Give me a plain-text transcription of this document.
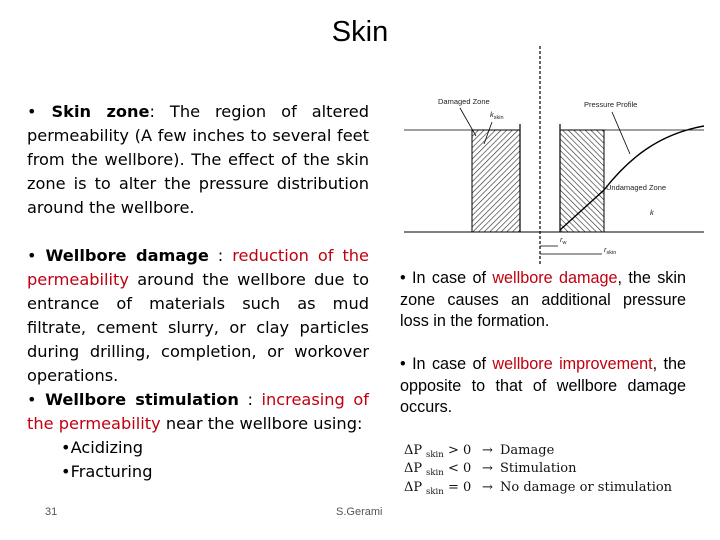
Skin
• Skin zone: The region of altered permeability (A few inches to several feet from the wellbore). The effect of the skin zone is to alter the pressure distribution around the wellbore.
• Wellbore damage : reduction of the permeability around the wellbore due to entrance of materials such as mud filtrate, cement slurry, or clay particles during drilling, completion, or workover operations.
• Wellbore stimulation : increasing of the permeability near the wellbore using:
•Acidizing
•Fracturing
Damaged Zone	Pressure Profile
$k_{skin}$
Undamaged Zone
k
$r_w$
$r_{skin}$
• In case of wellbore damage, the skin zone causes an additional pressure loss in the formation.
• In case of wellbore improvement, the opposite to that of wellbore damage occurs.
ΔP skin > 0 → Damage
ΔP skin < 0 → Stimulation
ΔP skin = 0 → No damage or stimulation
31	S.Gerami
